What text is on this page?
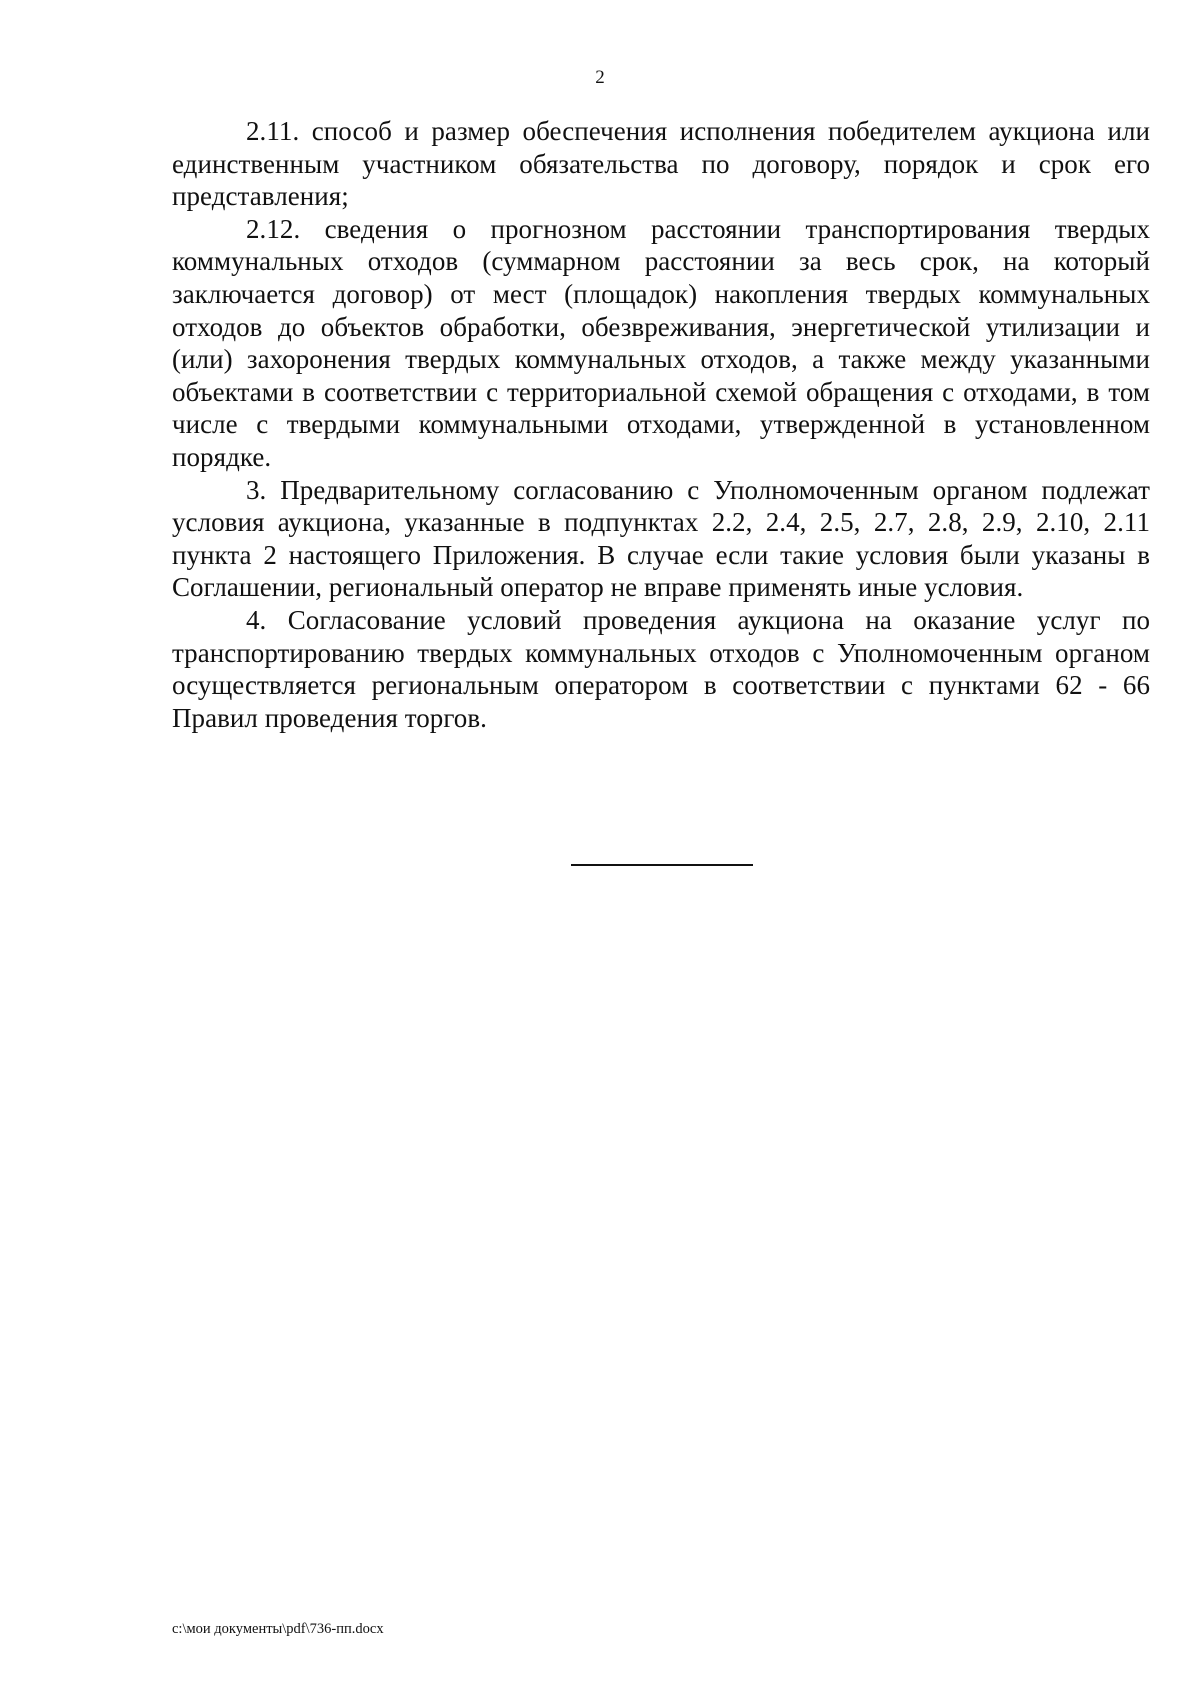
2

2.11. способ и размер обеспечения исполнения победителем аукциона или единственным участником обязательства по договору, порядок и срок его представления;

2.12. сведения о прогнозном расстоянии транспортирования твердых коммунальных отходов (суммарном расстоянии за весь срок, на который заключается договор) от мест (площадок) накопления твердых коммунальных отходов до объектов обработки, обезвреживания, энергетической утилизации и (или) захоронения твердых коммунальных отходов, а также между указанными объектами в соответствии с территориальной схемой обращения с отходами, в том числе с твердыми коммунальными отходами, утвержденной в установленном порядке.

3. Предварительному согласованию с Уполномоченным органом подлежат условия аукциона, указанные в подпунктах 2.2, 2.4, 2.5, 2.7, 2.8, 2.9, 2.10, 2.11 пункта 2 настоящего Приложения. В случае если такие условия были указаны в Соглашении, региональный оператор не вправе применять иные условия.

4. Согласование условий проведения аукциона на оказание услуг по транспортированию твердых коммунальных отходов с Уполномоченным органом осуществляется региональным оператором в соответствии с пунктами 62 - 66 Правил проведения торгов.

c:\мои документы\pdf\736-пп.docx
